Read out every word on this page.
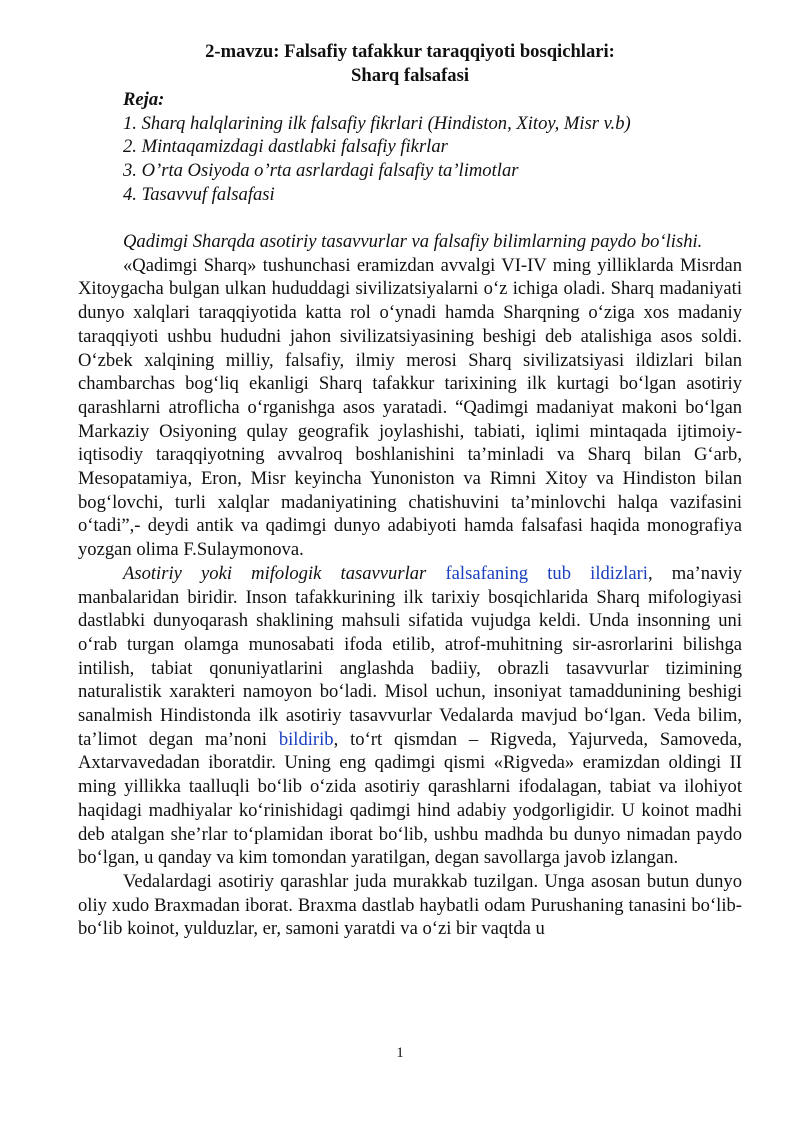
2-mavzu: Falsafiy tafakkur taraqqiyoti bosqichlari:
Sharq falsafasi
Reja:
1. Sharq halqlarining ilk falsafiy fikrlari (Hindiston, Xitoy, Misr v.b)
2. Mintaqamizdagi dastlabki falsafiy fikrlar
3. O’rta Osiyoda o’rta asrlardagi falsafiy ta’limotlar
4. Tasavvuf falsafasi

Qadimgi Sharqda asotiriy tasavvurlar va falsafiy bilimlarning paydo bo‘lishi.

«Qadimgi Sharq» tushunchasi eramizdan avvalgi VI-IV ming yilliklarda Misrdan Xitoygacha bulgan ulkan hududdagi sivilizatsiyalarni o‘z ichiga oladi. Sharq madaniyati dunyo xalqlari taraqqiyotida katta rol o‘ynadi hamda Sharqning o‘ziga xos madaniy taraqqiyoti ushbu hududni jahon sivilizatsiyasining beshigi deb atalishiga asos soldi. O‘zbek xalqining milliy, falsafiy, ilmiy merosi Sharq sivilizatsiyasi ildizlari bilan chambarchas bog‘liq ekanligi Sharq tafakkur tarixining ilk kurtagi bo‘lgan asotiriy qarashlarni atroflicha o‘rganishga asos yaratadi. “Qadimgi madaniyat makoni bo‘lgan Markaziy Osiyoning qulay geografik joylashishi, tabiati, iqlimi mintaqada ijtimoiy-iqtisodiy taraqqiyotning avvalroq boshlanishini ta’minladi va Sharq bilan G‘arb, Mesopatamiya, Eron, Misr keyincha Yunoniston va Rimni Xitoy va Hindiston bilan bog‘lovchi, turli xalqlar madaniyatining chatishuvini ta’minlovchi halqa vazifasini o‘tadi”,- deydi antik va qadimgi dunyo adabiyoti hamda falsafasi haqida monografiya yozgan olima F.Sulaymonova.

Asotiriy yoki mifologik tasavvurlar falsafaning tub ildizlari, ma’naviy manbalaridan biridir. Inson tafakkurining ilk tarixiy bosqichlarida Sharq mifologiyasi dastlabki dunyoqarash shaklining mahsuli sifatida vujudga keldi. Unda insonning uni o‘rab turgan olamga munosabati ifoda etilib, atrof-muhitning sir-asrorlarini bilishga intilish, tabiat qonuniyatlarini anglashda badiiy, obrazli tasavvurlar tizimining naturalistik xarakteri namoyon bo‘ladi. Misol uchun, insoniyat tamaddunining beshigi sanalmish Hindistonda ilk asotiriy tasavvurlar Vedalarda mavjud bo‘lgan. Veda bilim, ta’limot degan ma’noni bildirib, to‘rt qismdan – Rigveda, Yajurveda, Samoveda, Axtarvavedadan iboratdir. Uning eng qadimgi qismi «Rigveda» eramizdan oldingi II ming yillikka taalluqli bo‘lib o‘zida asotiriy qarashlarni ifodalagan, tabiat va ilohiyot haqidagi madhiyalar ko‘rinishidagi qadimgi hind adabiy yodgorligidir. U koinot madhi deb atalgan she’rlar to‘plamidan iborat bo‘lib, ushbu madhda bu dunyo nimadan paydo bo‘lgan, u qanday va kim tomondan yaratilgan, degan savollarga javob izlangan.

Vedalardagi asotiriy qarashlar juda murakkab tuzilgan. Unga asosan butun dunyo oliy xudo Braxmadan iborat. Braxma dastlab haybatli odam Purushaning tanasini bo‘lib-bo‘lib koinot, yulduzlar, er, samoni yaratdi va o‘zi bir vaqtda u

1
